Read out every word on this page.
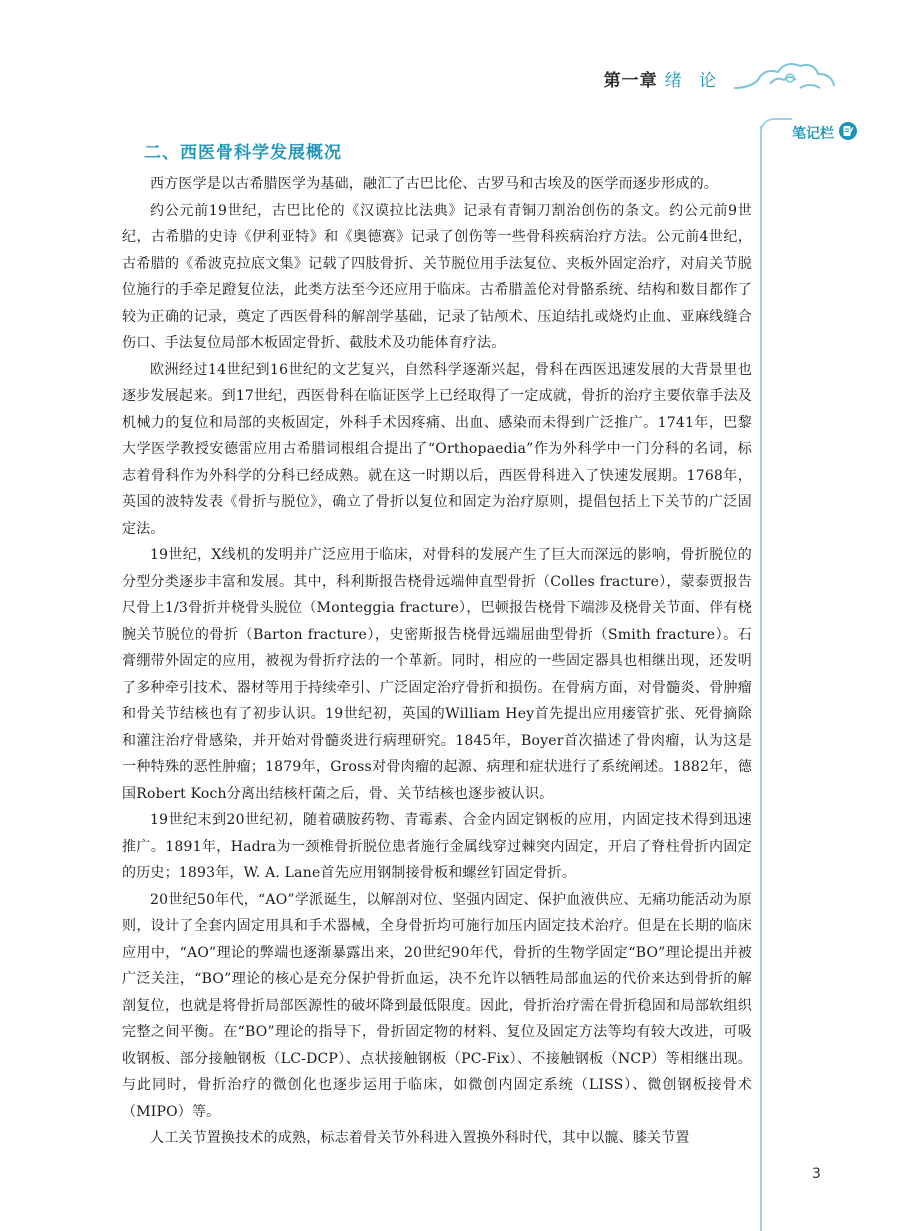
第一章 绪 论
笔记栏
二、西医骨科学发展概况

西方医学是以古希腊医学为基础，融汇了古巴比伦、古罗马和古埃及的医学而逐步形成的。

约公元前19世纪，古巴比伦的《汉谟拉比法典》记录有青铜刀割治创伤的条文。约公元前9世纪，古希腊的史诗《伊利亚特》和《奥德赛》记录了创伤等一些骨科疾病治疗方法。公元前4世纪，古希腊的《希波克拉底文集》记载了四肢骨折、关节脱位用手法复位、夹板外固定治疗，对肩关节脱位施行的手牵足蹬复位法，此类方法至今还应用于临床。古希腊盖伦对骨骼系统、结构和数目都作了较为正确的记录，奠定了西医骨科的解剖学基础，记录了钻颅术、压迫结扎或烧灼止血、亚麻线缝合伤口、手法复位局部木板固定骨折、截肢术及功能体育疗法。

欧洲经过14世纪到16世纪的文艺复兴，自然科学逐渐兴起，骨科在西医迅速发展的大背景里也逐步发展起来。到17世纪，西医骨科在临证医学上已经取得了一定成就，骨折的治疗主要依靠手法及机械力的复位和局部的夹板固定，外科手术因疼痛、出血、感染而未得到广泛推广。1741年，巴黎大学医学教授安德雷应用古希腊词根组合提出了“Orthopaedia”作为外科学中一门分科的名词，标志着骨科作为外科学的分科已经成熟。就在这一时期以后，西医骨科进入了快速发展期。1768年，英国的波特发表《骨折与脱位》，确立了骨折以复位和固定为治疗原则，提倡包括上下关节的广泛固定法。

19世纪，X线机的发明并广泛应用于临床，对骨科的发展产生了巨大而深远的影响，骨折脱位的分型分类逐步丰富和发展。其中，科利斯报告桡骨远端伸直型骨折（Colles fracture），蒙泰贾报告尺骨上1/3骨折并桡骨头脱位（Monteggia fracture），巴顿报告桡骨下端涉及桡骨关节面、伴有桡腕关节脱位的骨折（Barton fracture），史密斯报告桡骨远端屈曲型骨折（Smith fracture）。石膏绷带外固定的应用，被视为骨折疗法的一个革新。同时，相应的一些固定器具也相继出现，还发明了多种牵引技术、器材等用于持续牵引、广泛固定治疗骨折和损伤。在骨病方面，对骨髓炎、骨肿瘤和骨关节结核也有了初步认识。19世纪初，英国的William Hey首先提出应用瘘管扩张、死骨摘除和灌注治疗骨感染，并开始对骨髓炎进行病理研究。1845年，Boyer首次描述了骨肉瘤，认为这是一种特殊的恶性肿瘤；1879年，Gross对骨肉瘤的起源、病理和症状进行了系统阐述。1882年，德国Robert Koch分离出结核杆菌之后，骨、关节结核也逐步被认识。

19世纪末到20世纪初，随着磺胺药物、青霉素、合金内固定钢板的应用，内固定技术得到迅速推广。1891年，Hadra为一颈椎骨折脱位患者施行金属线穿过棘突内固定，开启了脊柱骨折内固定的历史；1893年，W. A. Lane首先应用钢制接骨板和螺丝钉固定骨折。

20世纪50年代，“AO”学派诞生，以解剖对位、坚强内固定、保护血液供应、无痛功能活动为原则，设计了全套内固定用具和手术器械，全身骨折均可施行加压内固定技术治疗。但是在长期的临床应用中，“AO”理论的弊端也逐渐暴露出来，20世纪90年代，骨折的生物学固定“BO”理论提出并被广泛关注，“BO”理论的核心是充分保护骨折血运，决不允许以牺牲局部血运的代价来达到骨折的解剖复位，也就是将骨折局部医源性的破坏降到最低限度。因此，骨折治疗需在骨折稳固和局部软组织完整之间平衡。在“BO”理论的指导下，骨折固定物的材料、复位及固定方法等均有较大改进，可吸收钢板、部分接触钢板（LC-DCP）、点状接触钢板（PC-Fix）、不接触钢板（NCP）等相继出现。与此同时，骨折治疗的微创化也逐步运用于临床，如微创内固定系统（LISS）、微创钢板接骨术（MIPO）等。

人工关节置换技术的成熟，标志着骨关节外科进入置换外科时代，其中以髋、膝关节置

3
